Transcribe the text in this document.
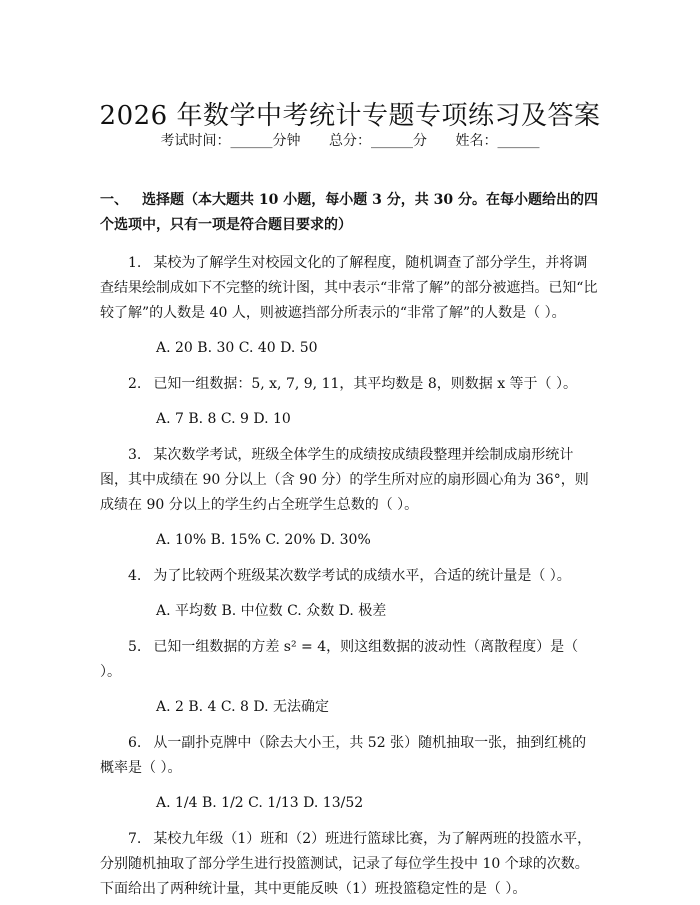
2026 年数学中考统计专题专项练习及答案
考试时间：______分钟 总分：______分 姓名：______

一、 选择题（本大题共 10 小题，每小题 3 分，共 30 分。在每小题给出的四个选项中，只有一项是符合题目要求的）

1. 某校为了解学生对校园文化的了解程度，随机调查了部分学生，并将调查结果绘制成如下不完整的统计图，其中表示“非常了解”的部分被遮挡。已知“比较了解”的人数是 40 人，则被遮挡部分所表示的“非常了解”的人数是（ ）。

A. 20 B. 30 C. 40 D. 50

2. 已知一组数据：5, x, 7, 9, 11，其平均数是 8，则数据 x 等于（ ）。

A. 7 B. 8 C. 9 D. 10

3. 某次数学考试，班级全体学生的成绩按成绩段整理并绘制成扇形统计图，其中成绩在 90 分以上（含 90 分）的学生所对应的扇形圆心角为 36°，则成绩在 90 分以上的学生约占全班学生总数的（ ）。

A. 10% B. 15% C. 20% D. 30%

4. 为了比较两个班级某次数学考试的成绩水平，合适的统计量是（ ）。

A. 平均数 B. 中位数 C. 众数 D. 极差

5. 已知一组数据的方差 s² = 4，则这组数据的波动性（离散程度）是（ ）。

A. 2 B. 4 C. 8 D. 无法确定

6. 从一副扑克牌中（除去大小王，共 52 张）随机抽取一张，抽到红桃的概率是（ ）。

A. 1/4 B. 1/2 C. 1/13 D. 13/52

7. 某校九年级（1）班和（2）班进行篮球比赛，为了解两班的投篮水平，分别随机抽取了部分学生进行投篮测试，记录了每位学生投中 10 个球的次数。下面给出了两种统计量，其中更能反映（1）班投篮稳定性的是（ ）。
